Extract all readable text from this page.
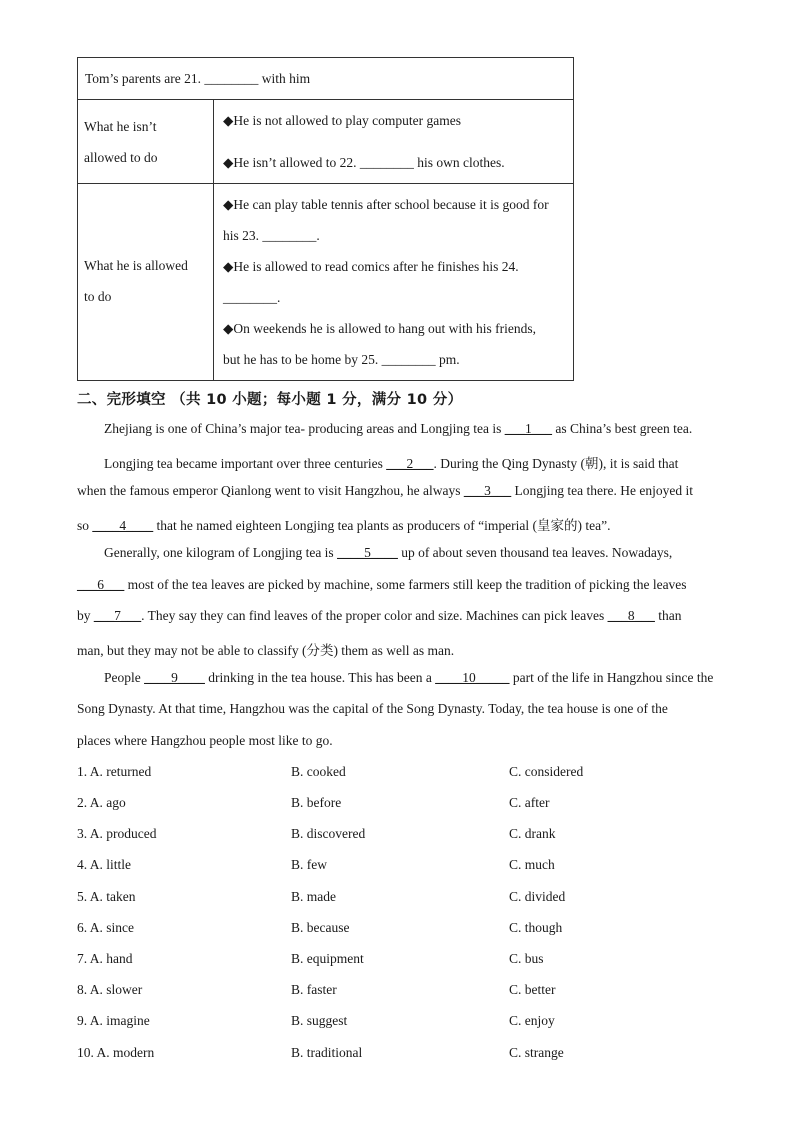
Tom’s parents are 21. ________ with him
What he isn’t
allowed to do
◆He is not allowed to play computer games
◆He isn’t allowed to 22. ________ his own clothes.
What he is allowed
to do
◆He can play table tennis after school because it is good for
his 23. ________.
◆He is allowed to read comics after he finishes his 24.
________.
◆On weekends he is allowed to hang out with his friends,
but he has to be home by 25. ________ pm.
二、完形填空 （共 10 小题；每小题 1 分，满分 10 分）
Zhejiang is one of China’s major tea- producing areas and Longjing tea is ___1___ as China’s best green tea.
Longjing tea became important over three centuries ___2___. During the Qing Dynasty (朝), it is said that
when the famous emperor Qianlong went to visit Hangzhou, he always ___3___ Longjing tea there. He enjoyed it
so ____4____ that he named eighteen Longjing tea plants as producers of “imperial (皇家的) tea”.
Generally, one kilogram of Longjing tea is ____5____ up of about seven thousand tea leaves. Nowadays,
___6___ most of the tea leaves are picked by machine, some farmers still keep the tradition of picking the leaves
by ___7___. They say they can find leaves of the proper color and size. Machines can pick leaves ___8___ than
man, but they may not be able to classify (分类) them as well as man.
People ____9____ drinking in the tea house. This has been a ____10_____ part of the life in Hangzhou since the
Song Dynasty. At that time, Hangzhou was the capital of the Song Dynasty. Today, the tea house is one of the
places where Hangzhou people most like to go.
1. A. returned	B. cooked	C. considered
2. A. ago	B. before	C. after
3. A. produced	B. discovered	C. drank
4. A. little	B. few	C. much
5. A. taken	B. made	C. divided
6. A. since	B. because	C. though
7. A. hand	B. equipment	C. bus
8. A. slower	B. faster	C. better
9. A. imagine	B. suggest	C. enjoy
10. A. modern	B. traditional	C. strange
